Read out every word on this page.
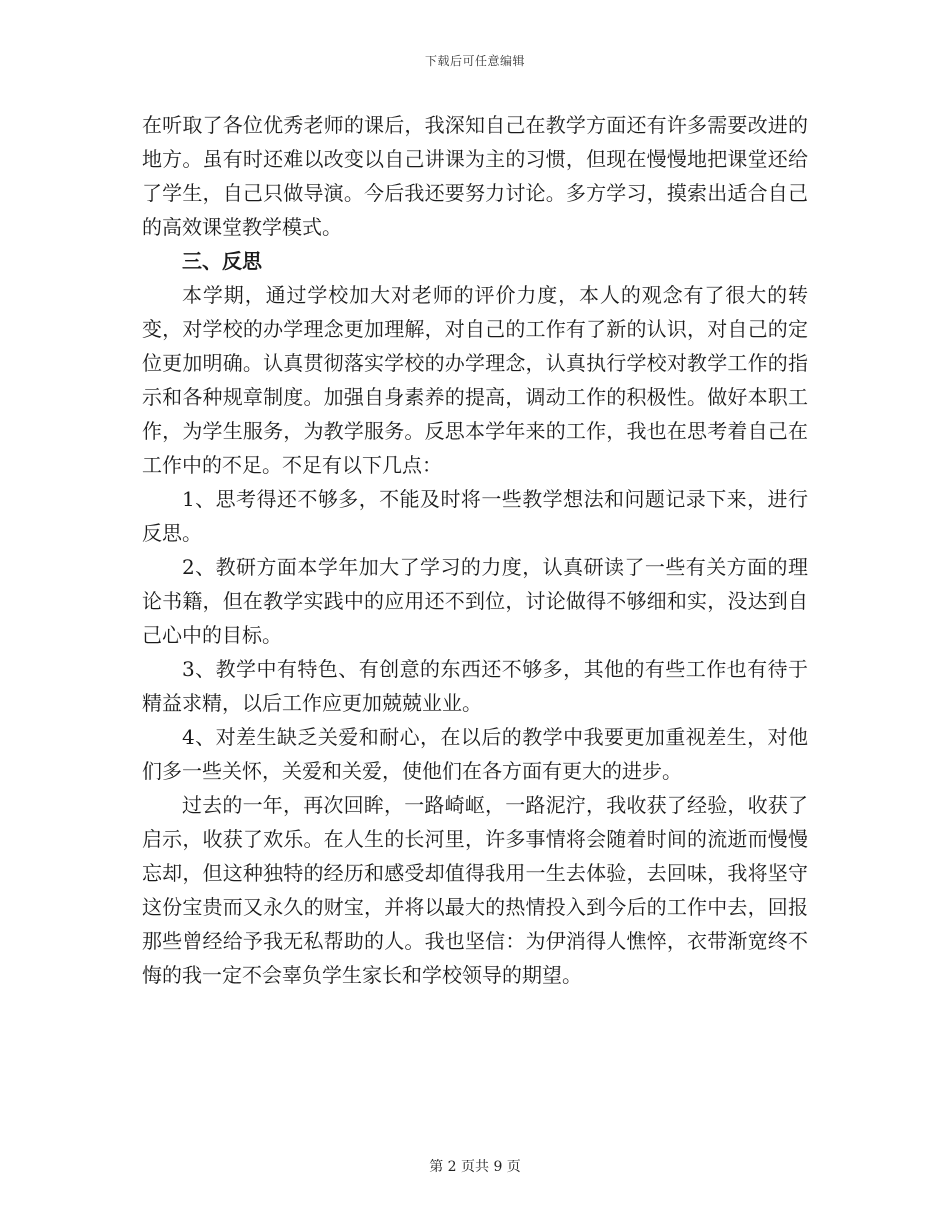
下载后可任意编辑

在听取了各位优秀老师的课后，我深知自己在教学方面还有许多需要改进的地方。虽有时还难以改变以自己讲课为主的习惯，但现在慢慢地把课堂还给了学生，自己只做导演。今后我还要努力讨论。多方学习，摸索出适合自己的高效课堂教学模式。

三、反思

本学期，通过学校加大对老师的评价力度，本人的观念有了很大的转变，对学校的办学理念更加理解，对自己的工作有了新的认识，对自己的定位更加明确。认真贯彻落实学校的办学理念，认真执行学校对教学工作的指示和各种规章制度。加强自身素养的提高，调动工作的积极性。做好本职工作，为学生服务，为教学服务。反思本学年来的工作，我也在思考着自己在工作中的不足。不足有以下几点：

1、思考得还不够多，不能及时将一些教学想法和问题记录下来，进行反思。

2、教研方面本学年加大了学习的力度，认真研读了一些有关方面的理论书籍，但在教学实践中的应用还不到位，讨论做得不够细和实，没达到自己心中的目标。

3、教学中有特色、有创意的东西还不够多，其他的有些工作也有待于精益求精，以后工作应更加兢兢业业。

4、对差生缺乏关爱和耐心，在以后的教学中我要更加重视差生，对他们多一些关怀，关爱和关爱，使他们在各方面有更大的进步。

过去的一年，再次回眸，一路崎岖，一路泥泞，我收获了经验，收获了启示，收获了欢乐。在人生的长河里，许多事情将会随着时间的流逝而慢慢忘却，但这种独特的经历和感受却值得我用一生去体验，去回味，我将坚守这份宝贵而又永久的财宝，并将以最大的热情投入到今后的工作中去，回报那些曾经给予我无私帮助的人。我也坚信：为伊消得人憔悴，衣带渐宽终不悔的我一定不会辜负学生家长和学校领导的期望。

第 2 页共 9 页
